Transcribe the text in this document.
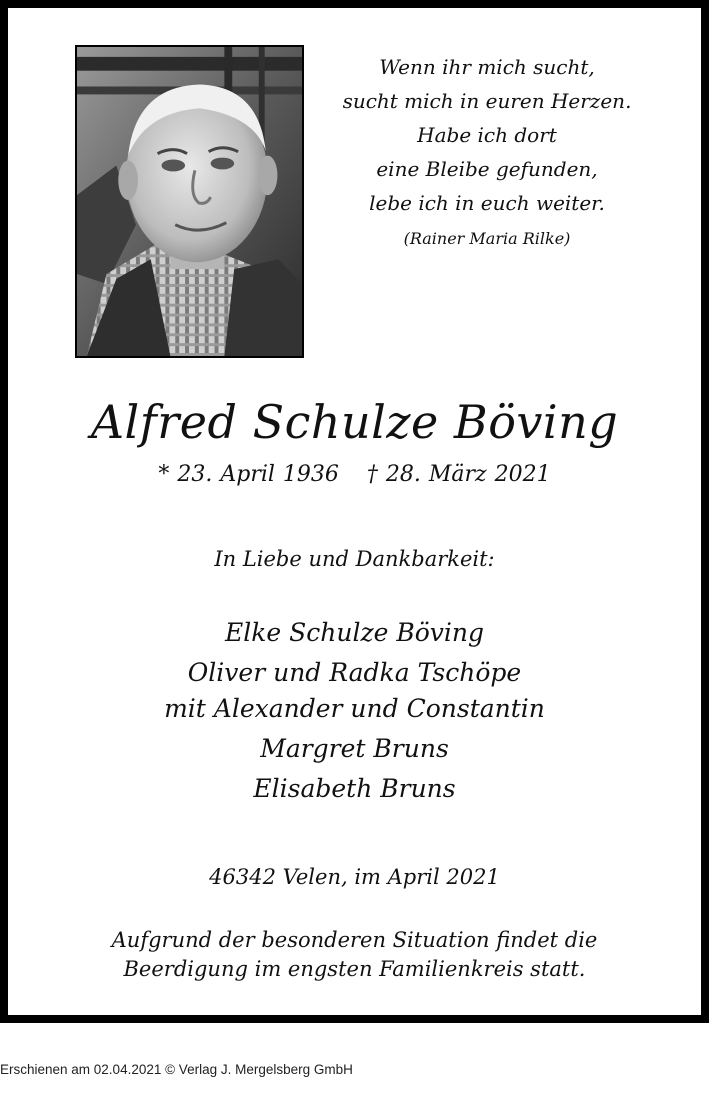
Wenn ihr mich sucht,
sucht mich in euren Herzen.
Habe ich dort
eine Bleibe gefunden,
lebe ich in euch weiter.
(Rainer Maria Rilke)
Alfred Schulze Böving
* 23. April 1936 † 28. März 2021
In Liebe und Dankbarkeit:
Elke Schulze Böving
Oliver und Radka Tschöpe
mit Alexander und Constantin
Margret Bruns
Elisabeth Bruns
46342 Velen, im April 2021
Aufgrund der besonderen Situation findet die
Beerdigung im engsten Familienkreis statt.
Erschienen am 02.04.2021 © Verlag J. Mergelsberg GmbH
